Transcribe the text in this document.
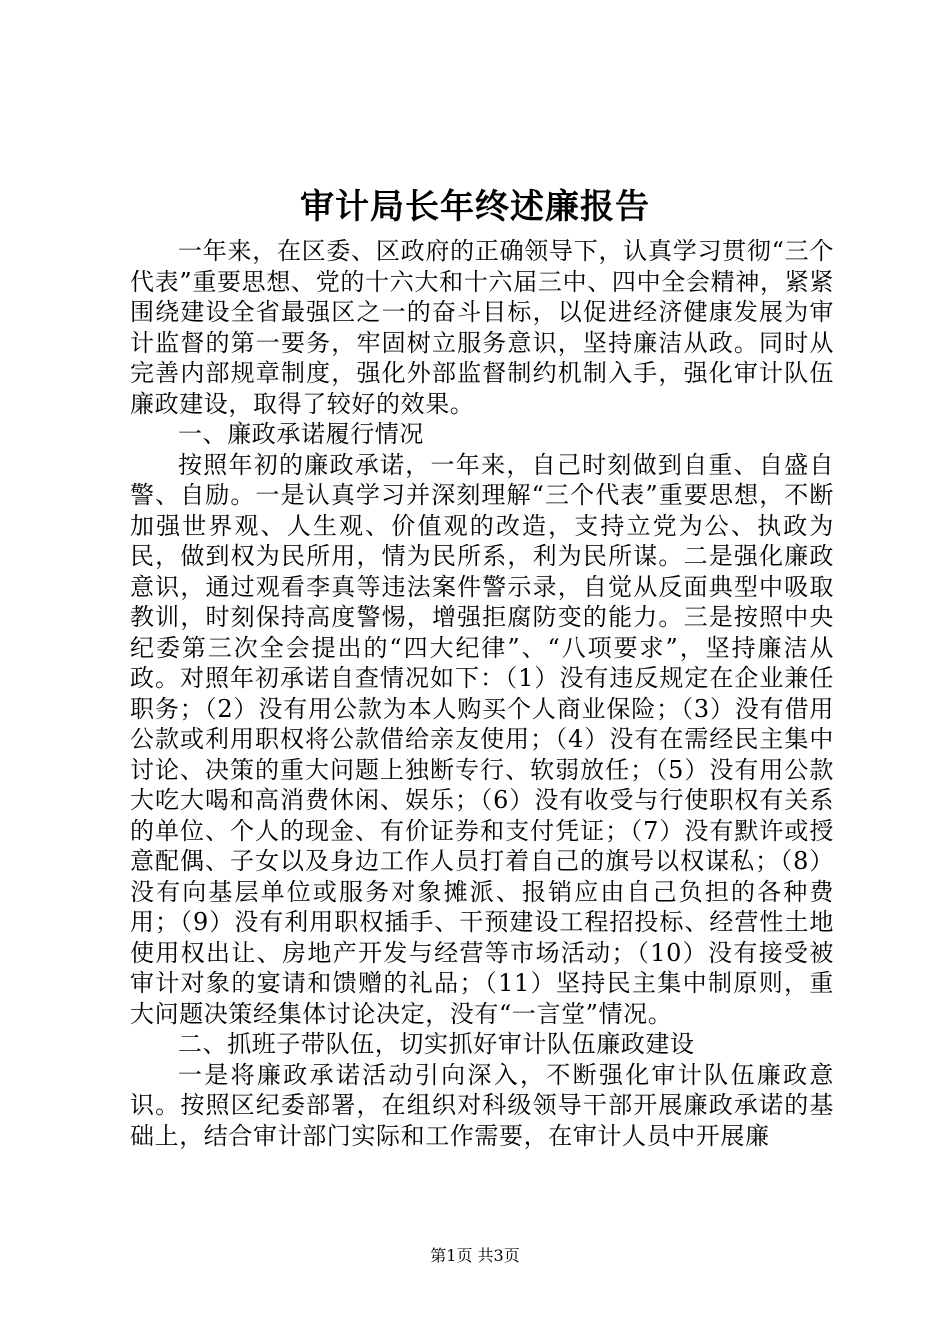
审计局长年终述廉报告

一年来，在区委、区政府的正确领导下，认真学习贯彻“三个代表”重要思想、党的十六大和十六届三中、四中全会精神，紧紧围绕建设全省最强区之一的奋斗目标，以促进经济健康发展为审计监督的第一要务，牢固树立服务意识，坚持廉洁从政。同时从完善内部规章制度，强化外部监督制约机制入手，强化审计队伍廉政建设，取得了较好的效果。

一、廉政承诺履行情况

按照年初的廉政承诺，一年来，自己时刻做到自重、自盛自警、自励。一是认真学习并深刻理解“三个代表”重要思想，不断加强世界观、人生观、价值观的改造，支持立党为公、执政为民，做到权为民所用，情为民所系，利为民所谋。二是强化廉政意识，通过观看李真等违法案件警示录，自觉从反面典型中吸取教训，时刻保持高度警惕，增强拒腐防变的能力。三是按照中央纪委第三次全会提出的“四大纪律”、“八项要求”，坚持廉洁从政。对照年初承诺自查情况如下：（1）没有违反规定在企业兼任职务；（2）没有用公款为本人购买个人商业保险；（3）没有借用公款或利用职权将公款借给亲友使用；（4）没有在需经民主集中讨论、决策的重大问题上独断专行、软弱放任；（5）没有用公款大吃大喝和高消费休闲、娱乐；（6）没有收受与行使职权有关系的单位、个人的现金、有价证券和支付凭证；（7）没有默许或授意配偶、子女以及身边工作人员打着自己的旗号以权谋私；（8）没有向基层单位或服务对象摊派、报销应由自己负担的各种费用；（9）没有利用职权插手、干预建设工程招投标、经营性土地使用权出让、房地产开发与经营等市场活动；（10）没有接受被审计对象的宴请和馈赠的礼品；（11）坚持民主集中制原则，重大问题决策经集体讨论决定，没有“一言堂”情况。

二、抓班子带队伍，切实抓好审计队伍廉政建设

一是将廉政承诺活动引向深入，不断强化审计队伍廉政意识。按照区纪委部署，在组织对科级领导干部开展廉政承诺的基础上，结合审计部门实际和工作需要，在审计人员中开展廉

第1页 共3页
